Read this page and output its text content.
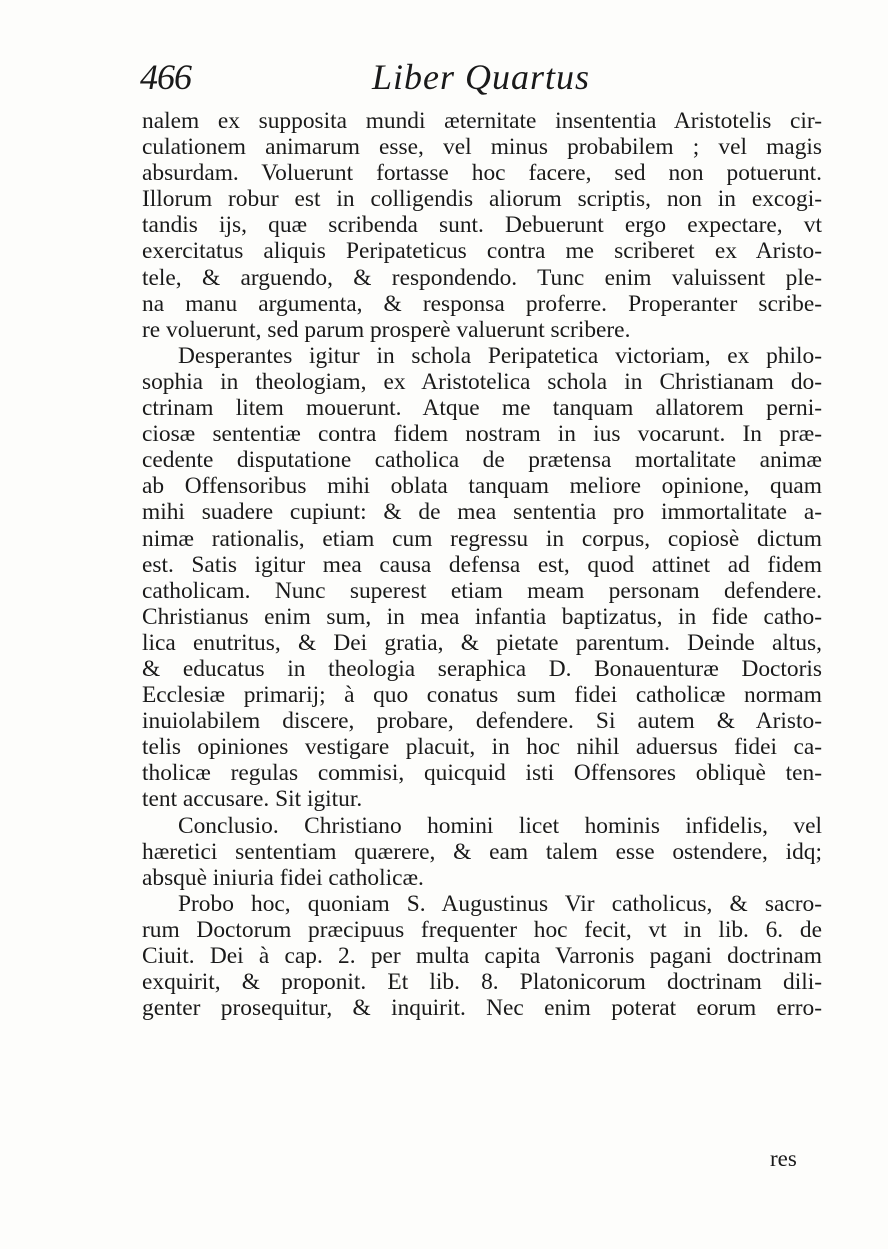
466	Liber Quartus
nalem ex supposita mundi æternitate insententia Aristotelis cir-
culationem animarum esse, vel minus probabilem ; vel magis
absurdam. Voluerunt fortasse hoc facere, sed non potuerunt.
Illorum robur est in colligendis aliorum scriptis, non in excogi-
tandis ijs, quæ scribenda sunt. Debuerunt ergo expectare, vt
exercitatus aliquis Peripateticus contra me scriberet ex Aristo-
tele, & arguendo, & respondendo. Tunc enim valuissent ple-
na manu argumenta, & responsa proferre. Properanter scribe-
re voluerunt, sed parum prosperè valuerunt scribere.
Desperantes igitur in schola Peripatetica victoriam, ex philo-
sophia in theologiam, ex Aristotelica schola in Christianam do-
ctrinam litem mouerunt. Atque me tanquam allatorem perni-
ciosæ sententiæ contra fidem nostram in ius vocarunt. In præ-
cedente disputatione catholica de prætensa mortalitate animæ
ab Offensoribus mihi oblata tanquam meliore opinione, quam
mihi suadere cupiunt: & de mea sententia pro immortalitate a-
nimæ rationalis, etiam cum regressu in corpus, copiosè dictum
est. Satis igitur mea causa defensa est, quod attinet ad fidem
catholicam. Nunc superest etiam meam personam defendere.
Christianus enim sum, in mea infantia baptizatus, in fide catho-
lica enutritus, & Dei gratia, & pietate parentum. Deinde altus,
& educatus in theologia seraphica D. Bonauenturæ Doctoris
Ecclesiæ primarij; à quo conatus sum fidei catholicæ normam
inuiolabilem discere, probare, defendere. Si autem & Aristo-
telis opiniones vestigare placuit, in hoc nihil aduersus fidei ca-
tholicæ regulas commisi, quicquid isti Offensores obliquè ten-
tent accusare. Sit igitur.
Conclusio. Christiano homini licet hominis infidelis, vel
hæretici sententiam quærere, & eam talem esse ostendere, idq;
absquè iniuria fidei catholicæ.
Probo hoc, quoniam S. Augustinus Vir catholicus, & sacro-
rum Doctorum præcipuus frequenter hoc fecit, vt in lib. 6. de
Ciuit. Dei à cap. 2. per multa capita Varronis pagani doctrinam
exquirit, & proponit. Et lib. 8. Platonicorum doctrinam dili-
genter prosequitur, & inquirit. Nec enim poterat eorum erro-
res
